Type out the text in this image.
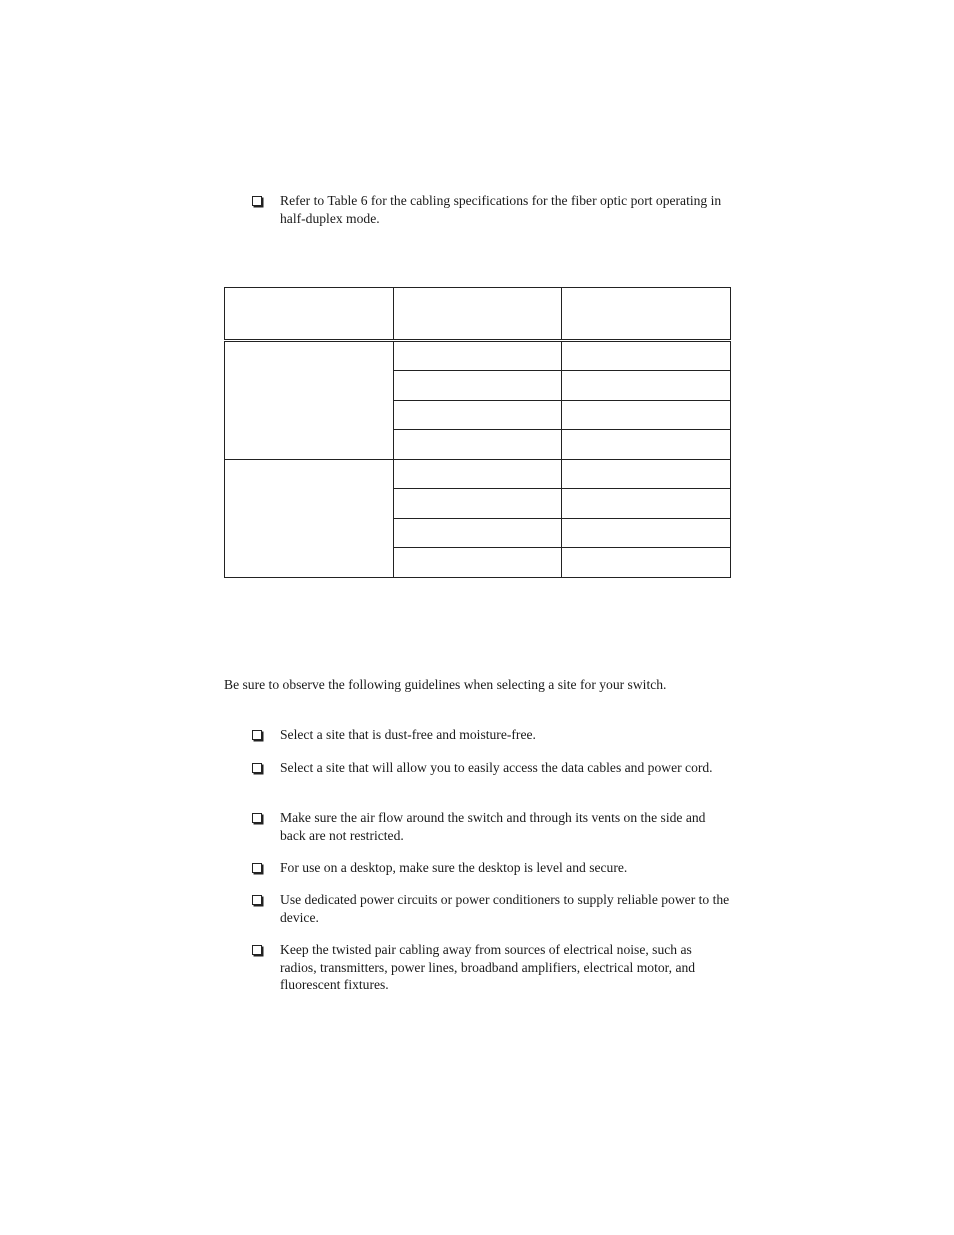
Refer to Table 6 for the cabling specifications for the fiber optic port operating in half-duplex mode.

Be sure to observe the following guidelines when selecting a site for your switch.
Select a site that is dust-free and moisture-free.
Select a site that will allow you to easily access the data cables and power cord.
Make sure the air flow around the switch and through its vents on the side and back are not restricted.
For use on a desktop, make sure the desktop is level and secure.
Use dedicated power circuits or power conditioners to supply reliable power to the device.
Keep the twisted pair cabling away from sources of electrical noise, such as radios, transmitters, power lines, broadband amplifiers, electrical motor, and fluorescent fixtures.
